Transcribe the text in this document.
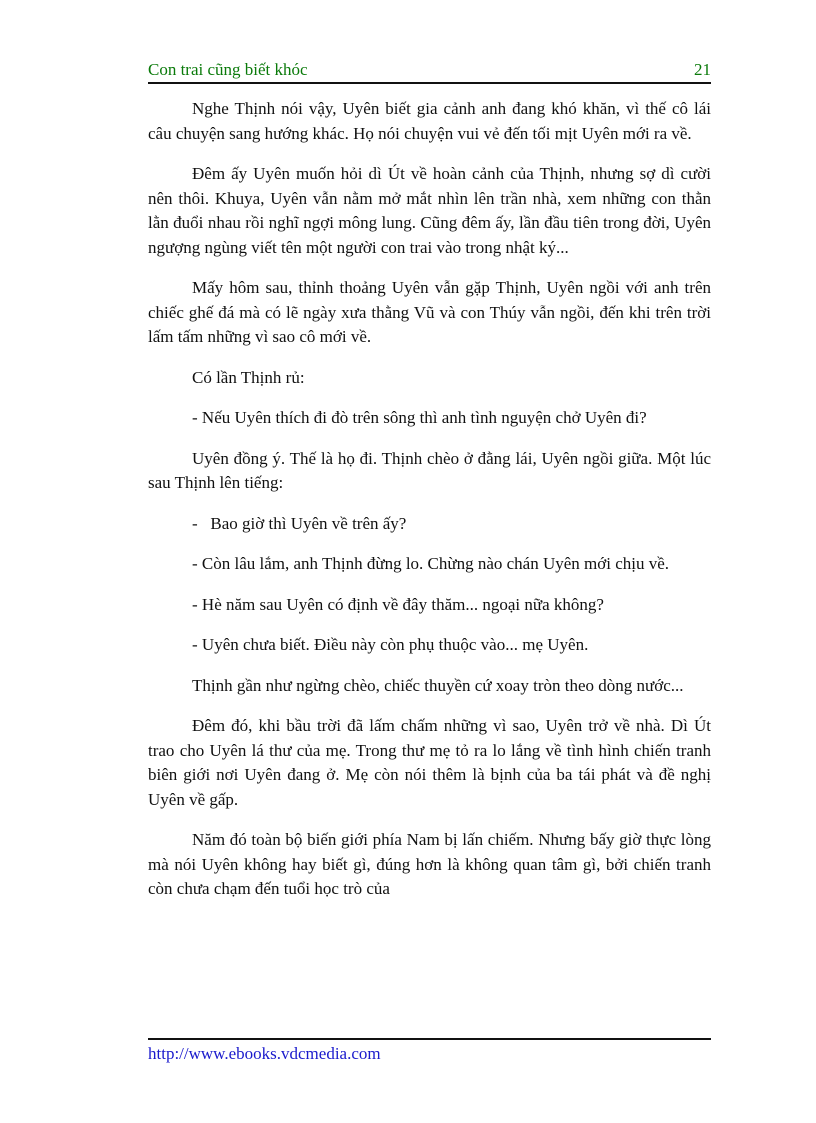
Con trai cũng biết khóc	21

Nghe Thịnh nói vậy, Uyên biết gia cảnh anh đang khó khăn, vì thế cô lái câu chuyện sang hướng khác. Họ nói chuyện vui vẻ đến tối mịt Uyên mới ra về.

Đêm ấy Uyên muốn hỏi dì Út về hoàn cảnh của Thịnh, nhưng sợ dì cười nên thôi. Khuya, Uyên vẫn nằm mở mắt nhìn lên trần nhà, xem những con thằn lằn đuổi nhau rồi nghĩ ngợi mông lung. Cũng đêm ấy, lần đầu tiên trong đời, Uyên ngượng ngùng viết tên một người con trai vào trong nhật ký...

Mấy hôm sau, thỉnh thoảng Uyên vẫn gặp Thịnh, Uyên ngồi với anh trên chiếc ghế đá mà có lẽ ngày xưa thằng Vũ và con Thúy vẫn ngồi, đến khi trên trời lấm tấm những vì sao cô mới về.

Có lần Thịnh rủ:

- Nếu Uyên thích đi đò trên sông thì anh tình nguyện chở Uyên đi?

Uyên đồng ý. Thế là họ đi. Thịnh chèo ở đằng lái, Uyên ngồi giữa. Một lúc sau Thịnh lên tiếng:

-   Bao giờ thì Uyên về trên ấy?

- Còn lâu lắm, anh Thịnh đừng lo. Chừng nào chán Uyên mới chịu về.

- Hè năm sau Uyên có định về đây thăm... ngoại nữa không?

- Uyên chưa biết. Điều này còn phụ thuộc vào... mẹ Uyên.

Thịnh gần như ngừng chèo, chiếc thuyền cứ xoay tròn theo dòng nước...

Đêm đó, khi bầu trời đã lấm chấm những vì sao, Uyên trở về nhà. Dì Út trao cho Uyên lá thư của mẹ. Trong thư mẹ tỏ ra lo lắng về tình hình chiến tranh biên giới nơi Uyên đang ở. Mẹ còn nói thêm là bịnh của ba tái phát và đề nghị Uyên về gấp.

Năm đó toàn bộ biến giới phía Nam bị lấn chiếm. Nhưng bấy giờ thực lòng mà nói Uyên không hay biết gì, đúng hơn là không quan tâm gì, bởi chiến tranh còn chưa chạm đến tuổi học trò của

http://www.ebooks.vdcmedia.com
